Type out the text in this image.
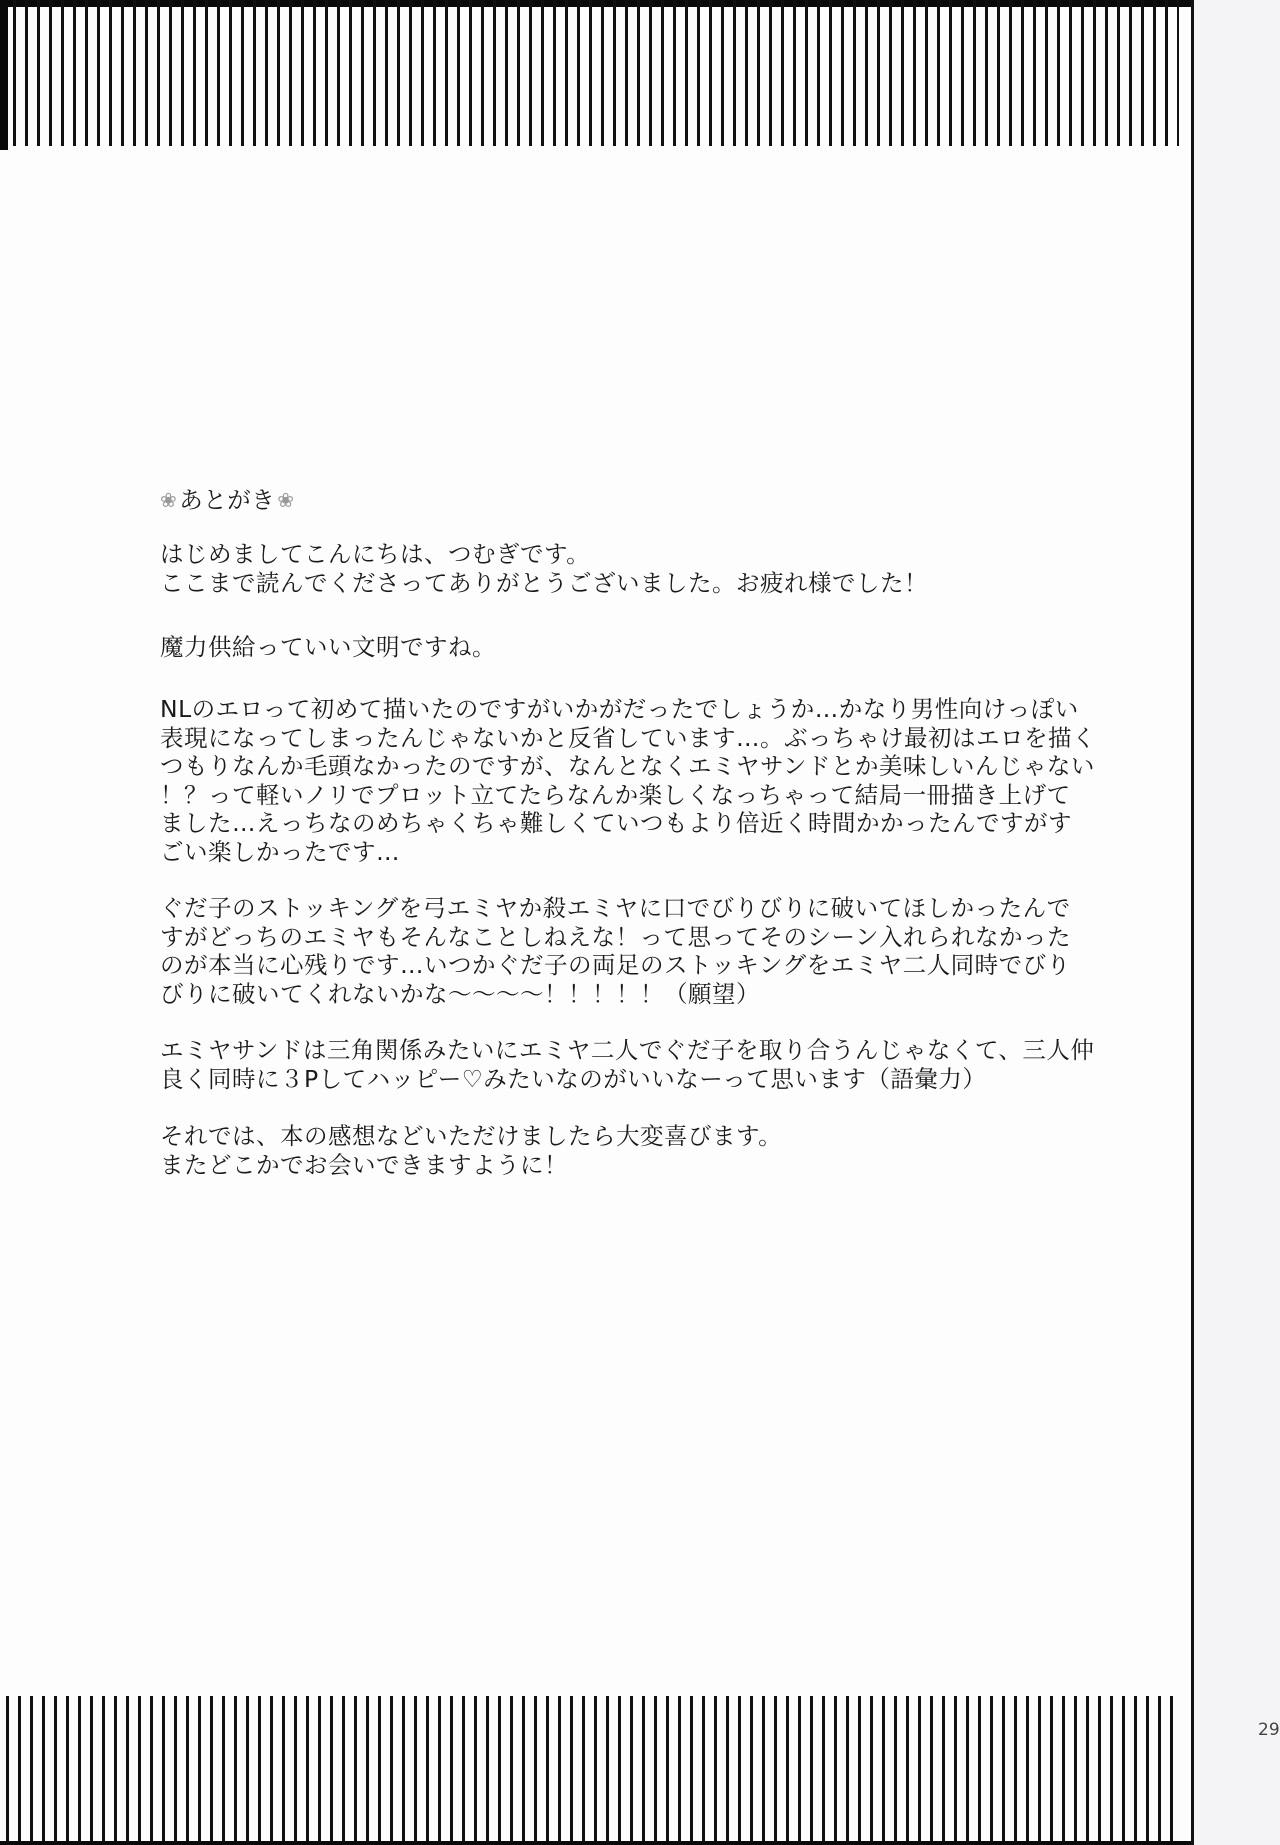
❀ あとがき ❀
はじめましてこんにちは、つむぎです。
ここまで読んでくださってありがとうございました。お疲れ様でした！
魔力供給っていい文明ですね。
NLのエロって初めて描いたのですがいかがだったでしょうか…かなり男性向けっぽい
表現になってしまったんじゃないかと反省しています…。ぶっちゃけ最初はエロを描く
つもりなんか毛頭なかったのですが、なんとなくエミヤサンドとか美味しいんじゃない
！？って軽いノリでプロット立てたらなんか楽しくなっちゃって結局一冊描き上げて
ました…えっちなのめちゃくちゃ難しくていつもより倍近く時間かかったんですがす
ごい楽しかったです…
ぐだ子のストッキングを弓エミヤか殺エミヤに口でびりびりに破いてほしかったんで
すがどっちのエミヤもそんなことしねえな！って思ってそのシーン入れられなかった
のが本当に心残りです…いつかぐだ子の両足のストッキングをエミヤ二人同時でびり
びりに破いてくれないかな～～～～！！！！！（願望）
エミヤサンドは三角関係みたいにエミヤ二人でぐだ子を取り合うんじゃなくて、三人仲
良く同時に３Pしてハッピー♡みたいなのがいいなーって思います（語彙力）
それでは、本の感想などいただけましたら大変喜びます。
またどこかでお会いできますように！
29
